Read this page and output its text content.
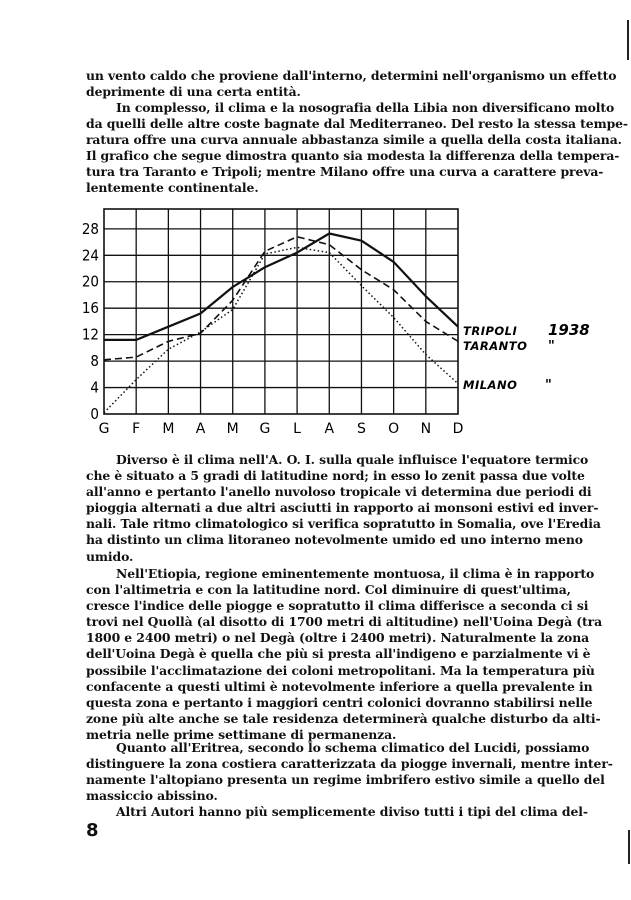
un vento caldo che proviene dall'interno, determini nell'organismo un effetto
deprimente di una certa entità.
In complesso, il clima e la nosografia della Libia non diversificano molto
da quelli delle altre coste bagnate dal Mediterraneo. Del resto la stessa tempe-
ratura offre una curva annuale abbastanza simile a quella della costa italiana.
Il grafico che segue dimostra quanto sia modesta la differenza della tempera-
tura tra Taranto e Tripoli; mentre Milano offre una curva a carattere preva-
lentemente continentale.
0
4
8
12
16
20
24
28
G F M A M G L A S O N D
TRIPOLI 1938
TARANTO "
MILANO "
Diverso è il clima nell'A. O. I. sulla quale influisce l'equatore termico
che è situato a 5 gradi di latitudine nord; in esso lo zenit passa due volte
all'anno e pertanto l'anello nuvoloso tropicale vi determina due periodi di
pioggia alternati a due altri asciutti in rapporto ai monsoni estivi ed inver-
nali. Tale ritmo climatologico si verifica sopratutto in Somalia, ove l'Eredia
ha distinto un clima litoraneo notevolmente umido ed uno interno meno
umido.
Nell'Etiopia, regione eminentemente montuosa, il clima è in rapporto
con l'altimetria e con la latitudine nord. Col diminuire di quest'ultima,
cresce l'indice delle piogge e sopratutto il clima differisce a seconda ci si
trovi nel Quollà (al disotto di 1700 metri di altitudine) nell'Uoina Degà (tra
1800 e 2400 metri) o nel Degà (oltre i 2400 metri). Naturalmente la zona
dell'Uoina Degà è quella che più si presta all'indigeno e parzialmente vi è
possibile l'acclimatazione dei coloni metropolitani. Ma la temperatura più
confacente a questi ultimi è notevolmente inferiore a quella prevalente in
questa zona e pertanto i maggiori centri colonici dovranno stabilirsi nelle
zone più alte anche se tale residenza determinerà qualche disturbo da alti-
metria nelle prime settimane di permanenza.
Quanto all'Eritrea, secondo lo schema climatico del Lucidi, possiamo
distinguere la zona costiera caratterizzata da piogge invernali, mentre inter-
namente l'altopiano presenta un regime imbrifero estivo simile a quello del
massiccio abissino.
Altri Autori hanno più semplicemente diviso tutti i tipi del clima del-
8
